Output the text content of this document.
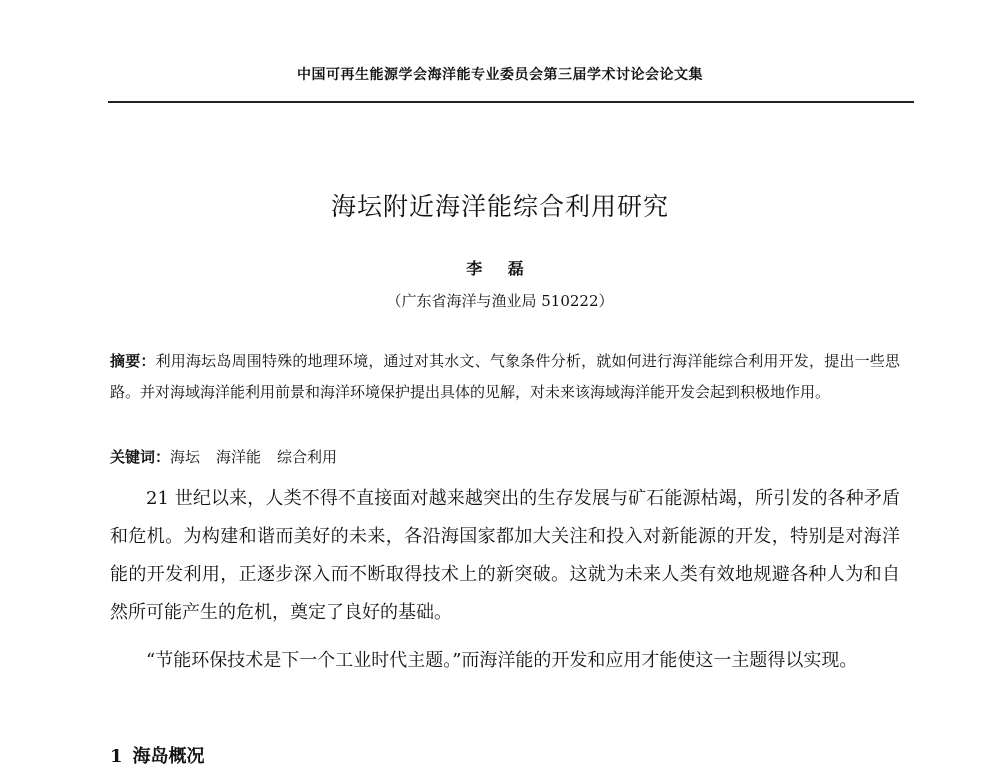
中国可再生能源学会海洋能专业委员会第三届学术讨论会论文集
海坛附近海洋能综合利用研究
李 磊
（广东省海洋与渔业局 510222）
摘要：利用海坛岛周围特殊的地理环境，通过对其水文、气象条件分析，就如何进行海洋能综合利用开发，提出一些思路。并对海域海洋能利用前景和海洋环境保护提出具体的见解，对未来该海域海洋能开发会起到积极地作用。
关键词：海坛 海洋能 综合利用

21 世纪以来，人类不得不直接面对越来越突出的生存发展与矿石能源枯竭，所引发的各种矛盾和危机。为构建和谐而美好的未来，各沿海国家都加大关注和投入对新能源的开发，特别是对海洋能的开发利用，正逐步深入而不断取得技术上的新突破。这就为未来人类有效地规避各种人为和自然所可能产生的危机，奠定了良好的基础。

“节能环保技术是下一个工业时代主题。”而海洋能的开发和应用才能使这一主题得以实现。

1 海岛概况
